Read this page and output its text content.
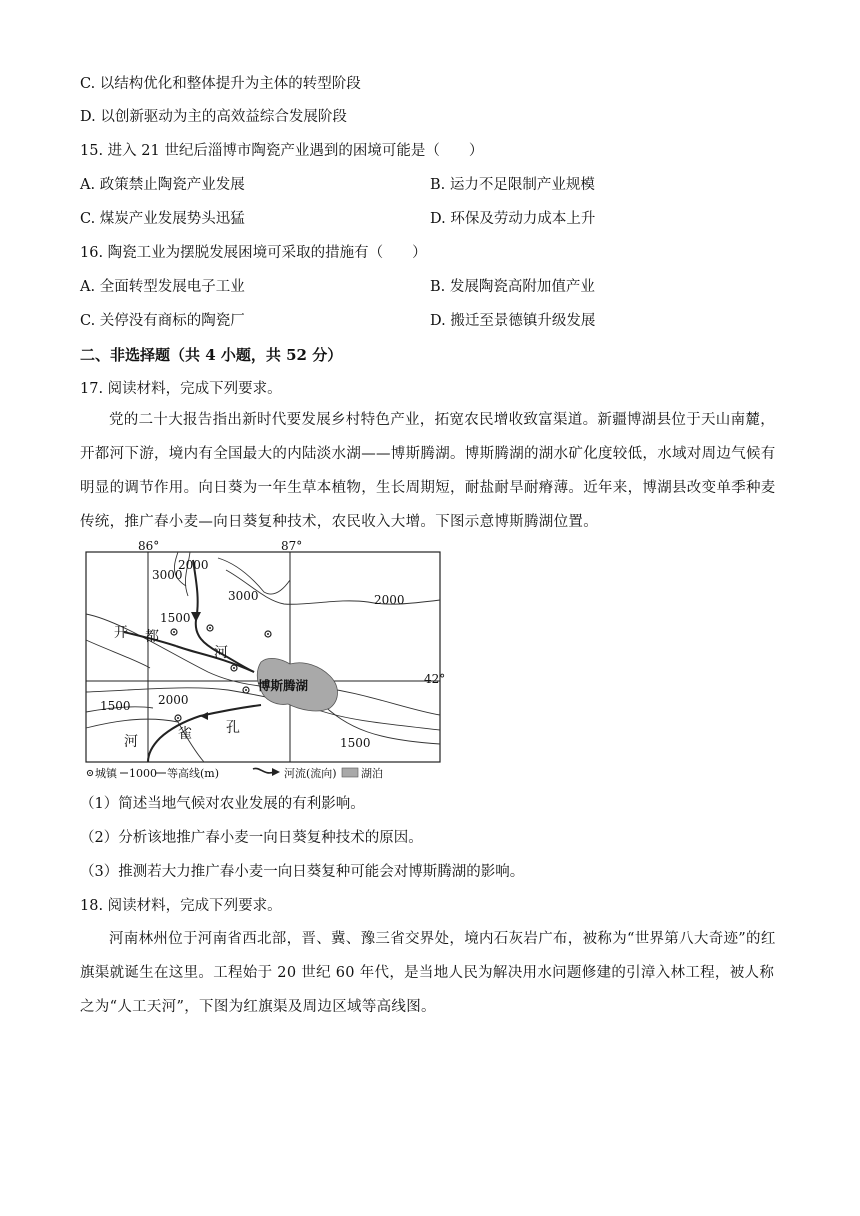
C. 以结构优化和整体提升为主体的转型阶段
D. 以创新驱动为主的高效益综合发展阶段
15. 进入 21 世纪后淄博市陶瓷产业遇到的困境可能是（　　）
A. 政策禁止陶瓷产业发展	B. 运力不足限制产业规模
C. 煤炭产业发展势头迅猛	D. 环保及劳动力成本上升
16. 陶瓷工业为摆脱发展困境可采取的措施有（　　）
A. 全面转型发展电子工业	B. 发展陶瓷高附加值产业
C. 关停没有商标的陶瓷厂	D. 搬迁至景德镇升级发展
二、非选择题（共 4 小题，共 52 分）
17. 阅读材料，完成下列要求。
党的二十大报告指出新时代要发展乡村特色产业，拓宽农民增收致富渠道。新疆博湖县位于天山南麓，开都河下游，境内有全国最大的内陆淡水湖——博斯腾湖。博斯腾湖的湖水矿化度较低，水域对周边气候有明显的调节作用。向日葵为一年生草本植物，生长周期短，耐盐耐旱耐瘠薄。近年来，博湖县改变单季种麦传统，推广春小麦—向日葵复种技术，农民收入大增。下图示意博斯腾湖位置。
86°	87°
42°
3000
2000
3000	2000
1500
2000
1500
1500
开 都
河
孔
雀
河
博斯腾湖
城镇 1000 等高线(m)	河流(流向) 湖泊
（1）简述当地气候对农业发展的有利影响。
（2）分析该地推广春小麦一向日葵复种技术的原因。
（3）推测若大力推广春小麦一向日葵复种可能会对博斯腾湖的影响。
18. 阅读材料，完成下列要求。
河南林州位于河南省西北部，晋、冀、豫三省交界处，境内石灰岩广布，被称为“世界第八大奇迹”的红旗渠就诞生在这里。工程始于 20 世纪 60 年代，是当地人民为解决用水问题修建的引漳入林工程，被人称之为“人工天河”，下图为红旗渠及周边区域等高线图。
